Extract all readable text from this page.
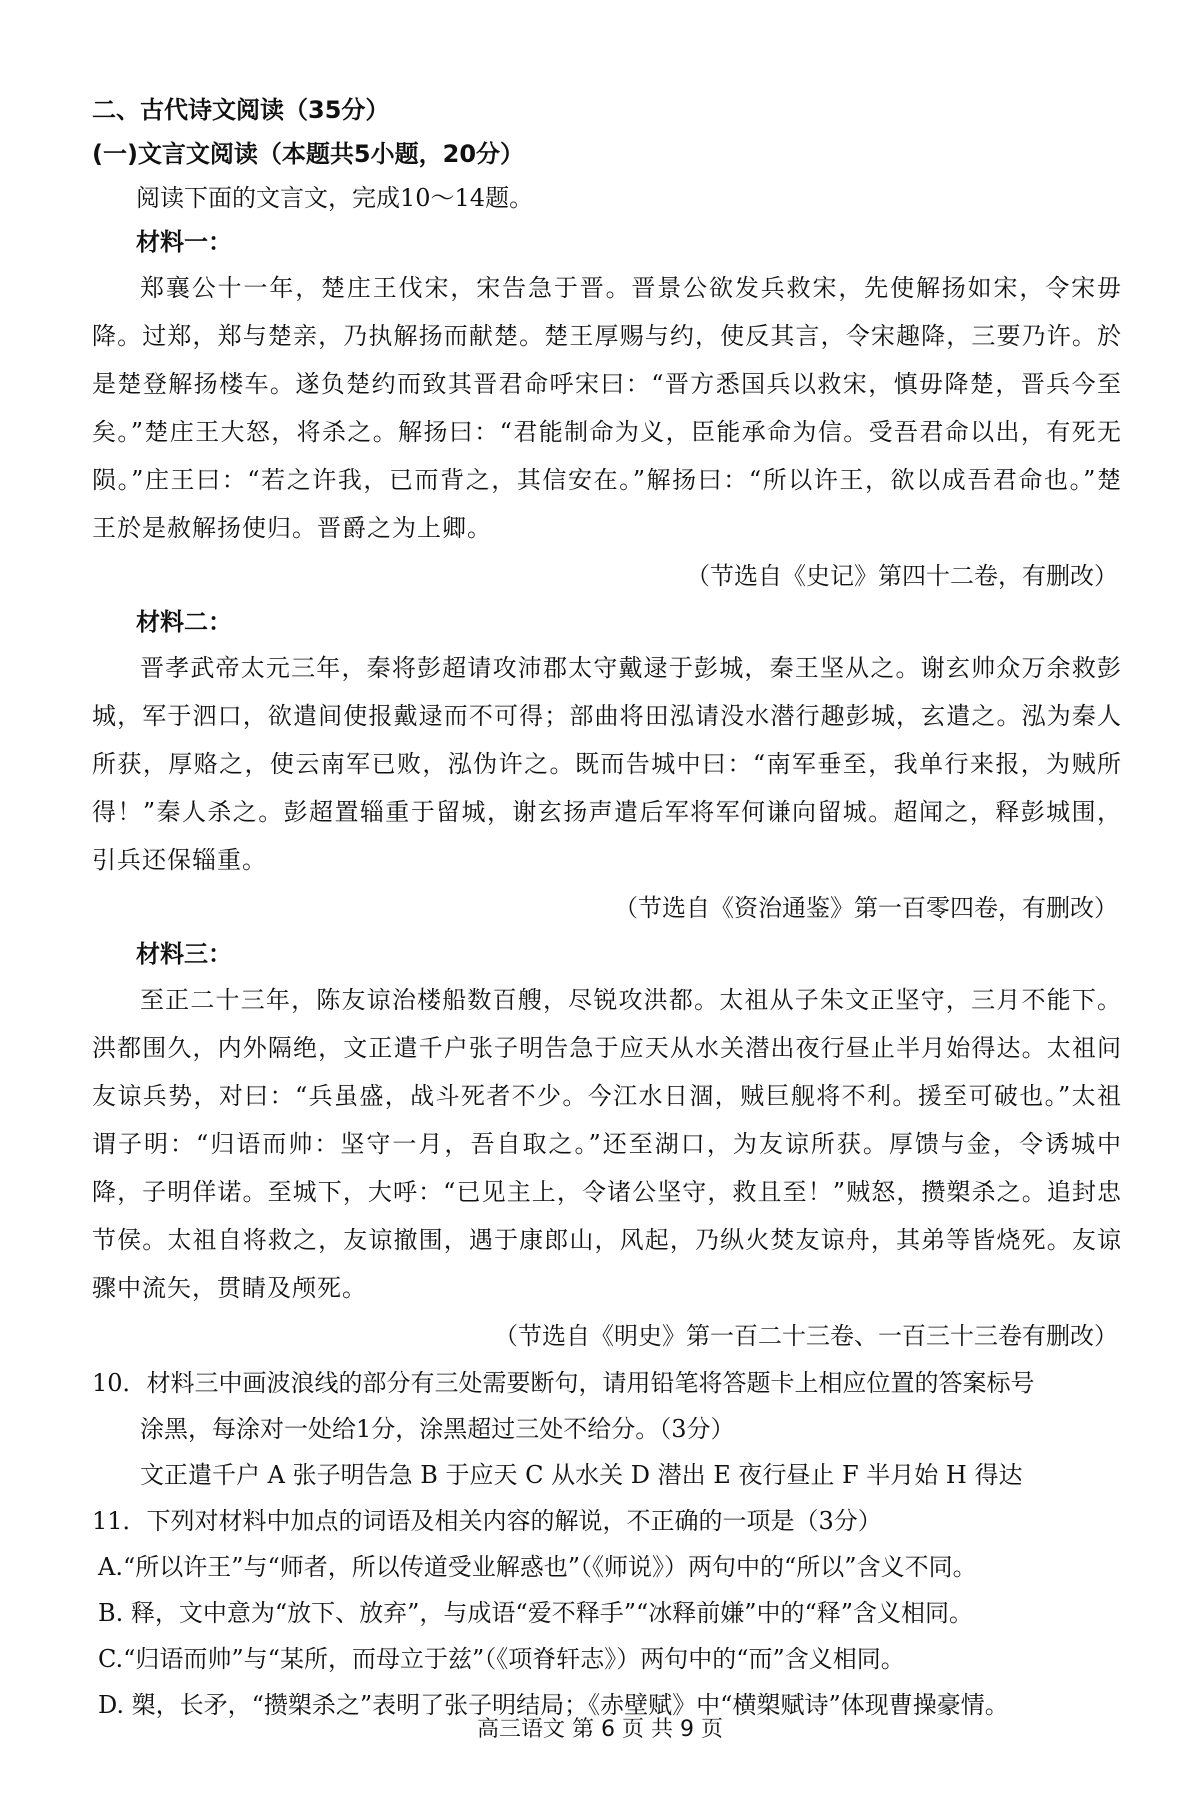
二、古代诗文阅读（35分）
(一)文言文阅读（本题共5小题，20分）
阅读下面的文言文，完成10～14题。
材料一：
郑襄公十一年，楚庄王伐宋，宋告急于晋。晋景公欲发兵救宋，先使解扬如宋，令宋毋降。过郑，郑与楚亲，乃执解扬而献楚。楚王厚赐与约，使反其言，令宋趣降，三要乃许。於是楚登解扬楼车。遂负楚约而致其晋君命呼宋曰：“晋方悉国兵以救宋，慎毋降楚，晋兵今至矣。”楚庄王大怒，将杀之。解扬曰：“君能制命为义，臣能承命为信。受吾君命以出，有死无陨。”庄王曰：“若之许我，已而背之，其信安在。”解扬曰：“所以许王，欲以成吾君命也。”楚王於是赦解扬使归。晋爵之为上卿。
（节选自《史记》第四十二卷，有删改）
材料二：
晋孝武帝太元三年，秦将彭超请攻沛郡太守戴逯于彭城，秦王坚从之。谢玄帅众万余救彭城，军于泗口，欲遣间使报戴逯而不可得；部曲将田泓请没水潜行趣彭城，玄遣之。泓为秦人所获，厚赂之，使云南军已败，泓伪许之。既而告城中曰：“南军垂至，我单行来报，为贼所得！”秦人杀之。彭超置辎重于留城，谢玄扬声遣后军将军何谦向留城。超闻之，释彭城围，引兵还保辎重。
（节选自《资治通鉴》第一百零四卷，有删改）
材料三：
至正二十三年，陈友谅治楼船数百艘，尽锐攻洪都。太祖从子朱文正坚守，三月不能下。洪都围久，内外隔绝，文正遣千户张子明告急于应天从水关潜出夜行昼止半月始得达。太祖问友谅兵势，对曰：“兵虽盛，战斗死者不少。今江水日涸，贼巨舰将不利。援至可破也。”太祖谓子明：“归语而帅：坚守一月，吾自取之。”还至湖口，为友谅所获。厚馈与金，令诱城中降，子明佯诺。至城下，大呼：“已见主上，令诸公坚守，救且至！”贼怒，攒槊杀之。追封忠节侯。太祖自将救之，友谅撤围，遇于康郎山，风起，乃纵火焚友谅舟，其弟等皆烧死。友谅骤中流矢，贯睛及颅死。
（节选自《明史》第一百二十三卷、一百三十三卷有删改）
10．材料三中画波浪线的部分有三处需要断句，请用铅笔将答题卡上相应位置的答案标号
涂黑，每涂对一处给1分，涂黑超过三处不给分。（3分）
文正遣千户 A 张子明告急 B 于应天 C 从水关 D 潜出 E 夜行昼止 F 半月始 H 得达
11．下列对材料中加点的词语及相关内容的解说，不正确的一项是（3分）
A.“所以许王”与“师者，所以传道受业解惑也”（《师说》）两句中的“所以”含义不同。
B. 释，文中意为“放下、放弃”，与成语“爱不释手”“冰释前嫌”中的“释”含义相同。
C.“归语而帅”与“某所，而母立于兹”（《项脊轩志》）两句中的“而”含义相同。
D. 槊，长矛，“攒槊杀之”表明了张子明结局；《赤壁赋》中“横槊赋诗”体现曹操豪情。
高三语文 第 6 页 共 9 页
